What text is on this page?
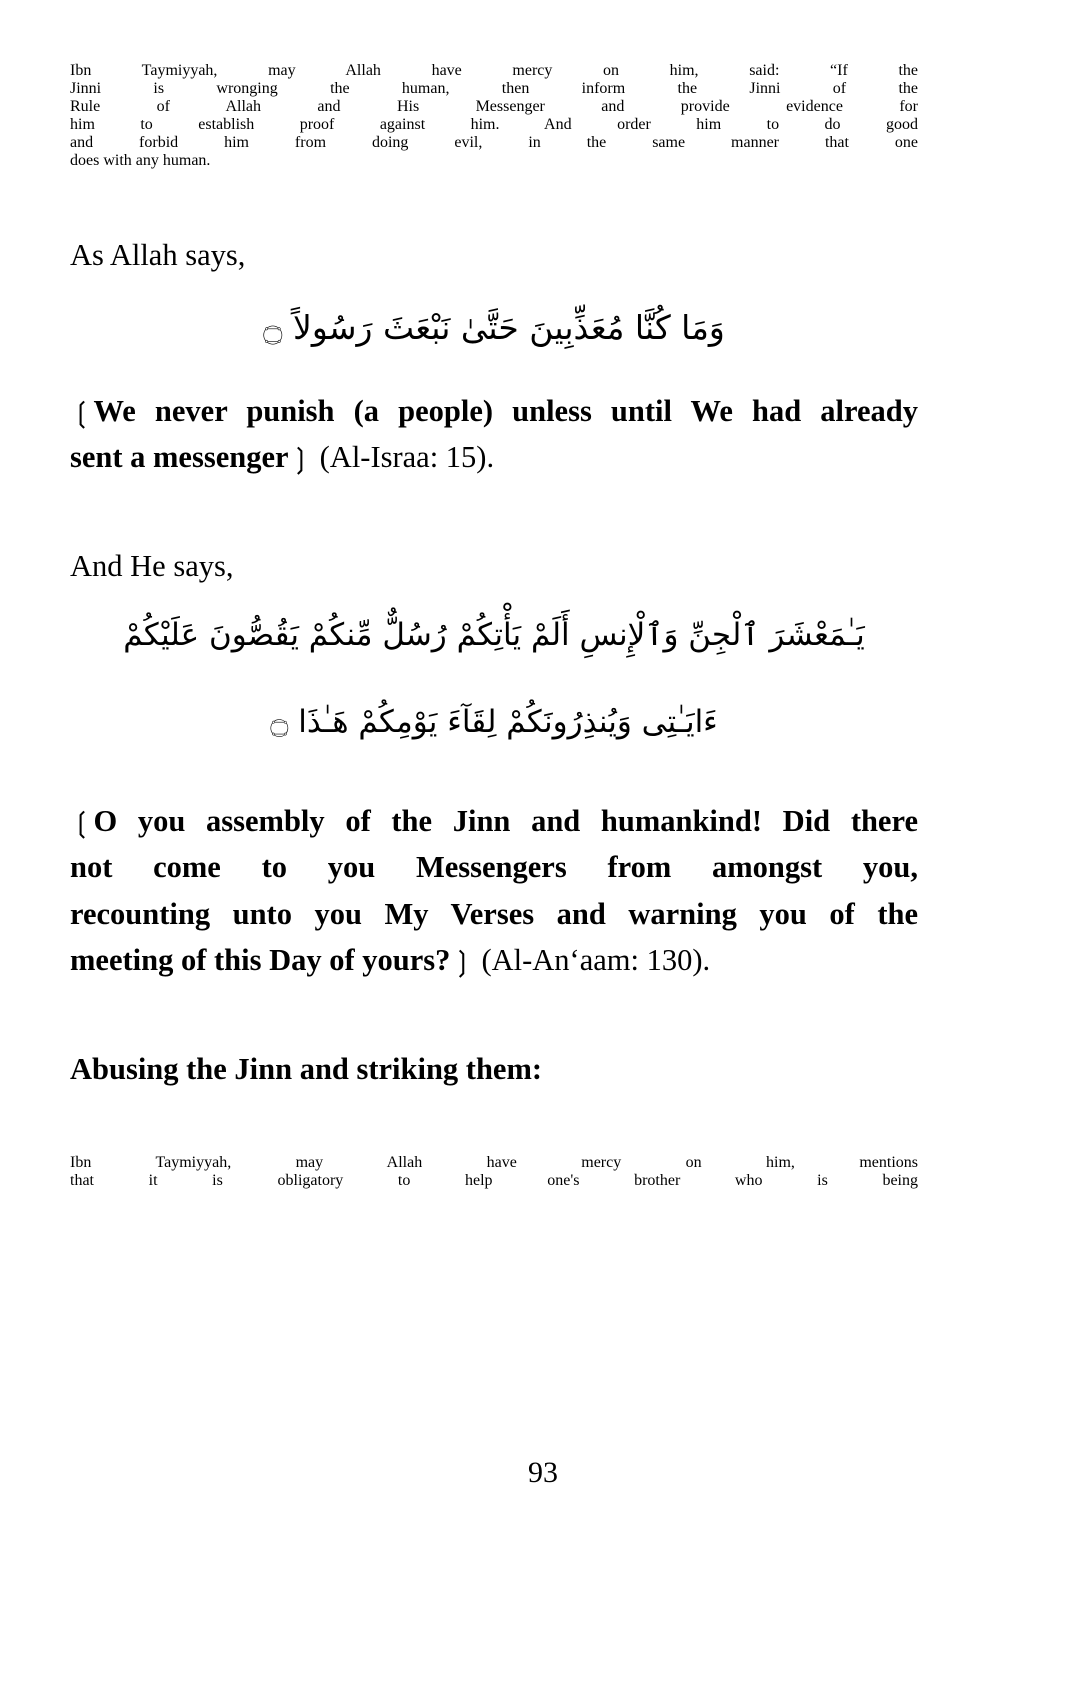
Ibn Taymiyyah, may Allah have mercy on him, said: “If the
Jinni is wronging the human, then inform the Jinni of the
Rule of Allah and His Messenger and provide evidence for
him to establish proof against him. And order him to do good
and forbid him from doing evil, in the same manner that one
does with any human.
As Allah says,
وَمَا كُنَّا مُعَذِّبِينَ حَتَّىٰ نَبْعَثَ رَسُولاً ۝
❲We never punish (a people) unless until We had already
sent a messenger❳ (Al-Israa: 15).
And He says,
يَـٰمَعْشَرَ ٱلْجِنِّ وَٱلْإِنسِ أَلَمْ يَأْتِكُمْ رُسُلٌّ مِّنكُمْ يَقُصُّونَ عَلَيْكُمْ
ءَايَـٰتِى وَيُنذِرُونَكُمْ لِقَآءَ يَوْمِكُمْ هَـٰذَا ۝
❲O you assembly of the Jinn and humankind! Did there
not come to you Messengers from amongst you,
recounting unto you My Verses and warning you of the
meeting of this Day of yours?❳ (Al-Anʻaam: 130).
Abusing the Jinn and striking them:
Ibn Taymiyyah, may Allah have mercy on him, mentions
that it is obligatory to help one's brother who is being
93
